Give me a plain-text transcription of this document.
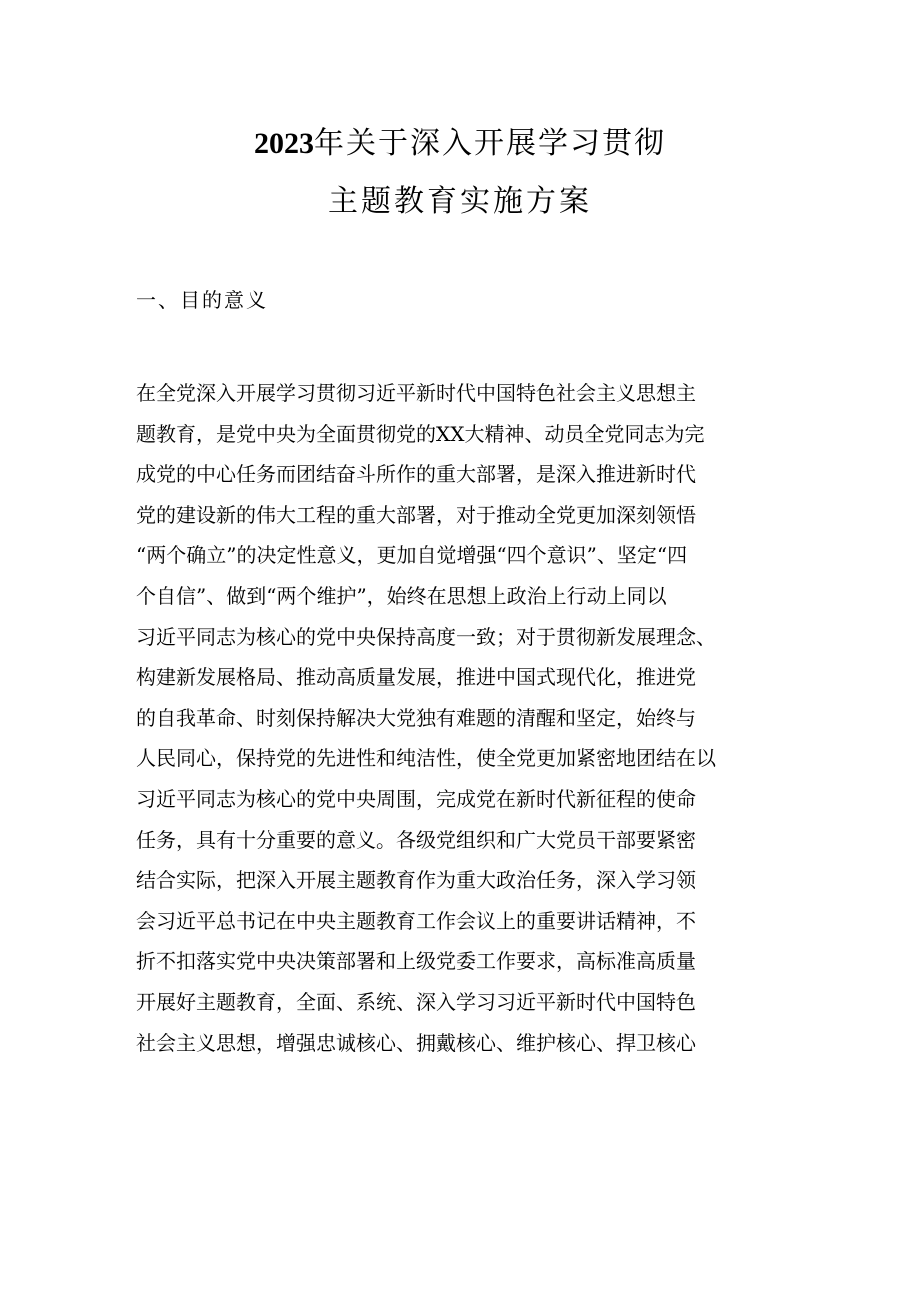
2023年关于深入开展学习贯彻
主题教育实施方案
一、目的意义
在全党深入开展学习贯彻习近平新时代中国特色社会主义思想主
题教育，是党中央为全面贯彻党的XX大精神、动员全党同志为完
成党的中心任务而团结奋斗所作的重大部署，是深入推进新时代
党的建设新的伟大工程的重大部署，对于推动全党更加深刻领悟
“两个确立”的决定性意义，更加自觉增强“四个意识”、坚定“四
个自信”、做到“两个维护”，始终在思想上政治上行动上同以
习近平同志为核心的党中央保持高度一致；对于贯彻新发展理念、
构建新发展格局、推动高质量发展，推进中国式现代化，推进党
的自我革命、时刻保持解决大党独有难题的清醒和坚定，始终与
人民同心，保持党的先进性和纯洁性，使全党更加紧密地团结在以
习近平同志为核心的党中央周围，完成党在新时代新征程的使命
任务，具有十分重要的意义。各级党组织和广大党员干部要紧密
结合实际，把深入开展主题教育作为重大政治任务，深入学习领
会习近平总书记在中央主题教育工作会议上的重要讲话精神，不
折不扣落实党中央决策部署和上级党委工作要求，高标准高质量
开展好主题教育，全面、系统、深入学习习近平新时代中国特色
社会主义思想，增强忠诚核心、拥戴核心、维护核心、捍卫核心
